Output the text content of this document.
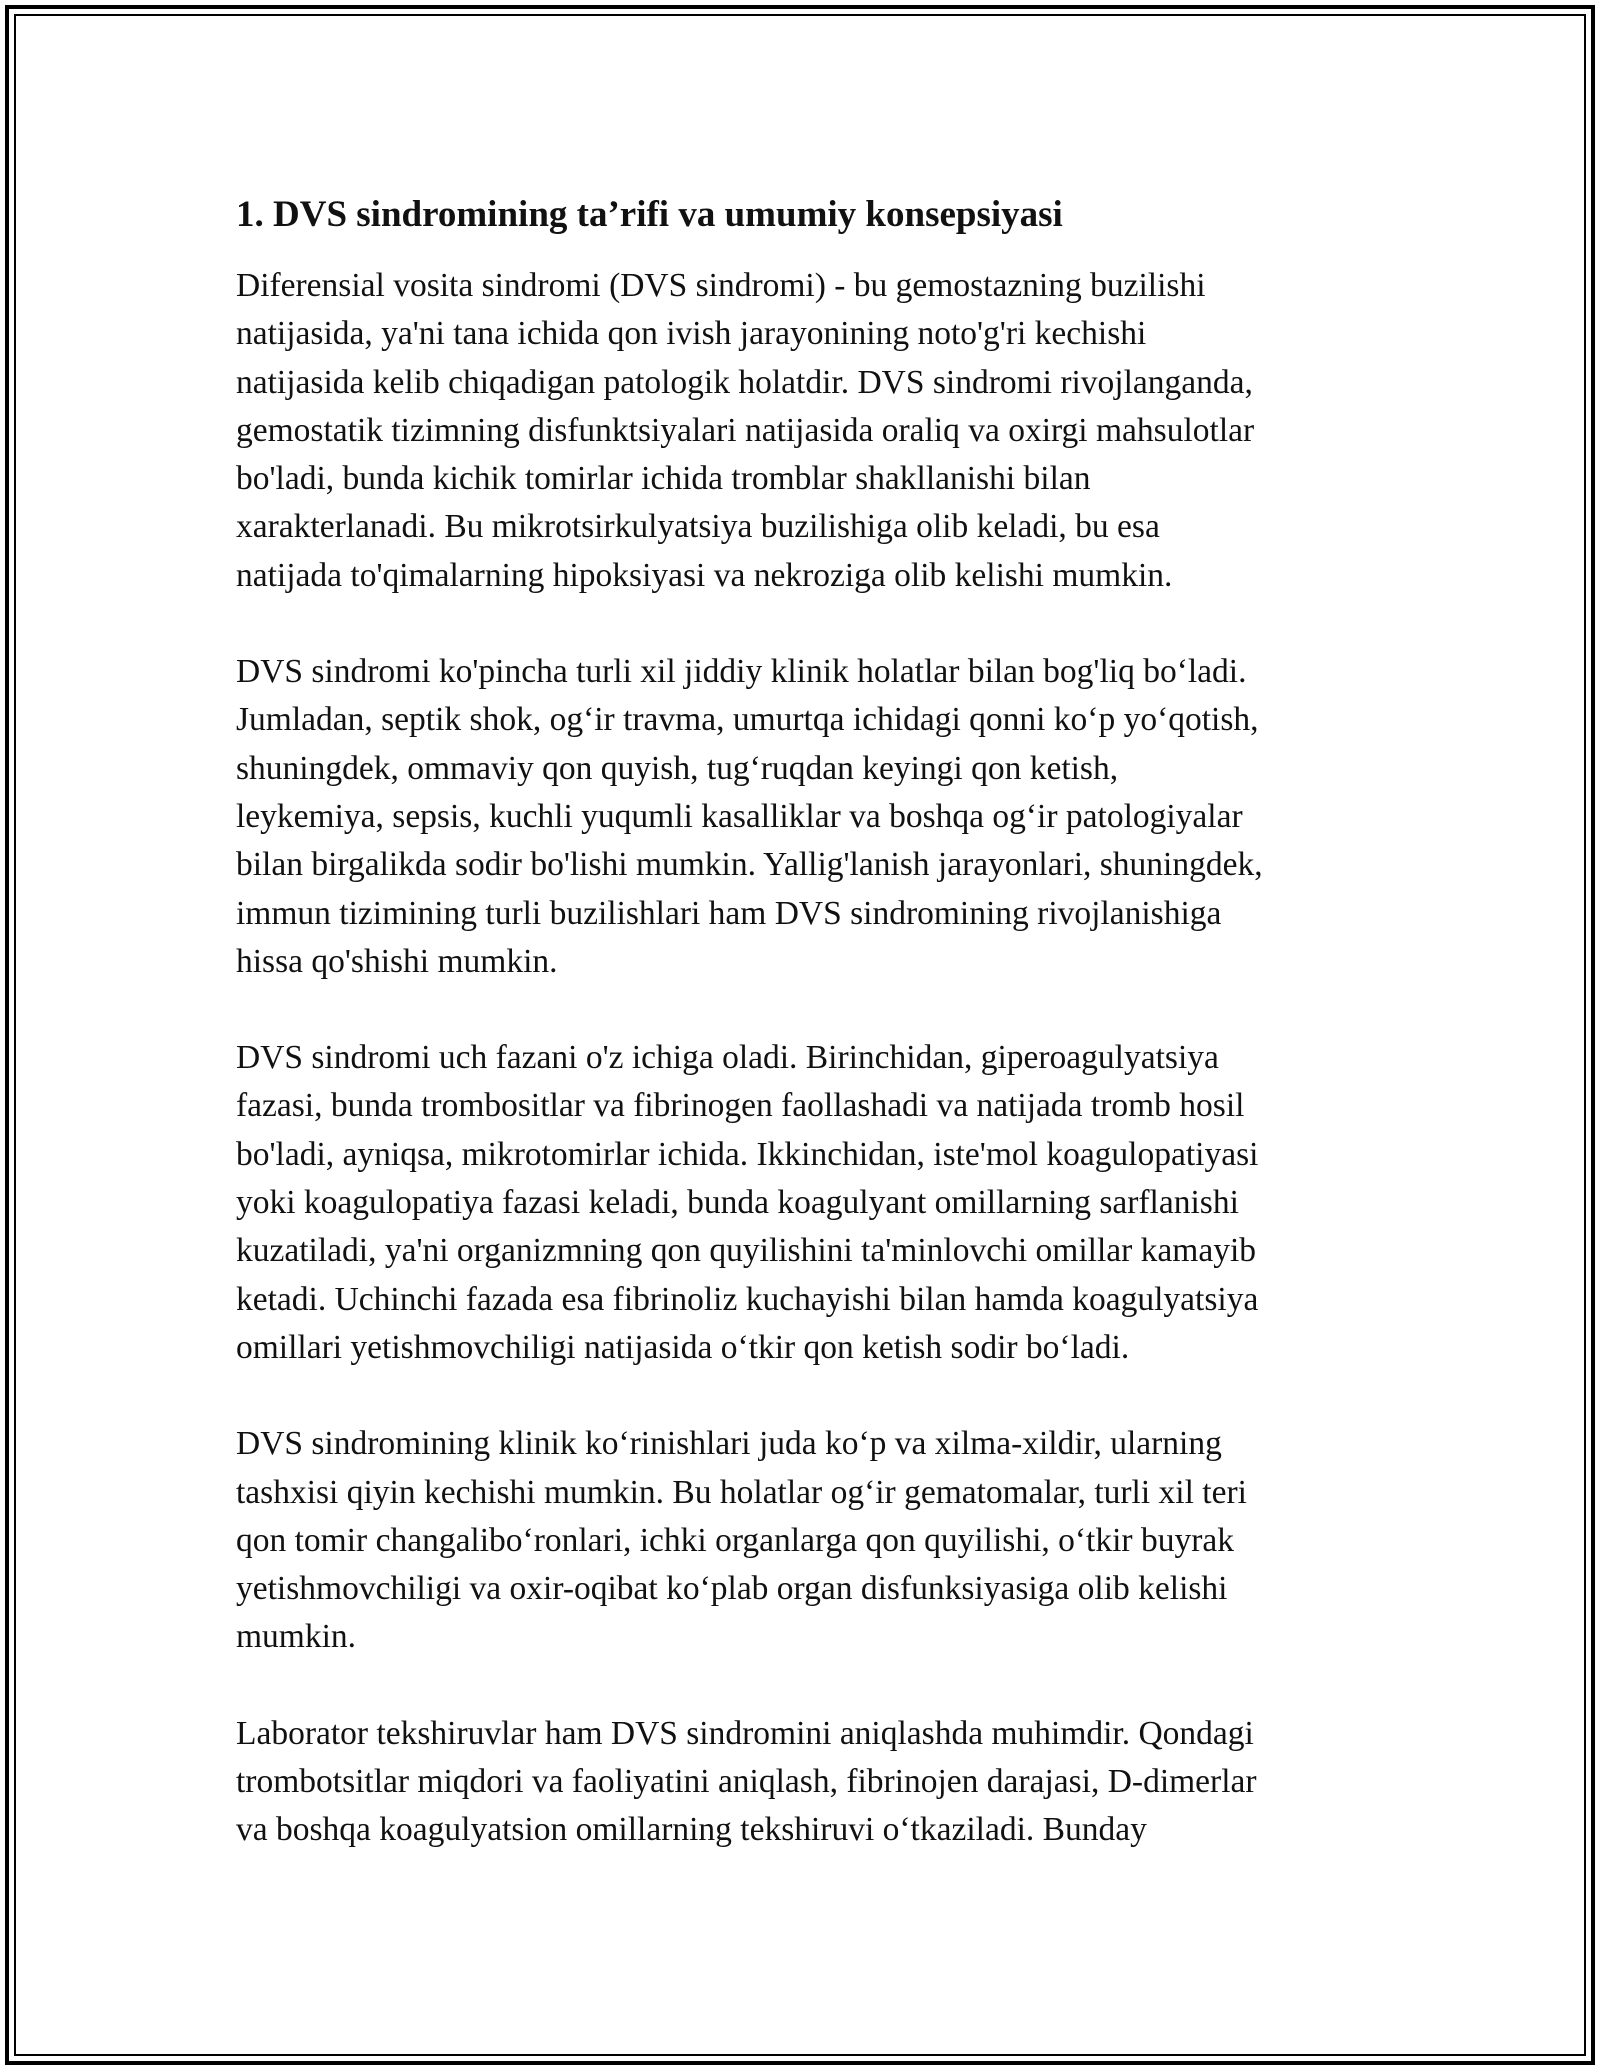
1. DVS sindromining ta’rifi va umumiy konsepsiyasi

Diferensial vosita sindromi (DVS sindromi) - bu gemostazning buzilishi
natijasida, ya'ni tana ichida qon ivish jarayonining noto'g'ri kechishi
natijasida kelib chiqadigan patologik holatdir. DVS sindromi rivojlanganda,
gemostatik tizimning disfunktsiyalari natijasida oraliq va oxirgi mahsulotlar
bo'ladi, bunda kichik tomirlar ichida tromblar shakllanishi bilan
xarakterlanadi. Bu mikrotsirkulyatsiya buzilishiga olib keladi, bu esa
natijada to'qimalarning hipoksiyasi va nekroziga olib kelishi mumkin.

DVS sindromi ko'pincha turli xil jiddiy klinik holatlar bilan bog'liq bo‘ladi.
Jumladan, septik shok, og‘ir travma, umurtqa ichidagi qonni ko‘p yo‘qotish,
shuningdek, ommaviy qon quyish, tug‘ruqdan keyingi qon ketish,
leykemiya, sepsis, kuchli yuqumli kasalliklar va boshqa og‘ir patologiyalar
bilan birgalikda sodir bo'lishi mumkin. Yallig'lanish jarayonlari, shuningdek,
immun tizimining turli buzilishlari ham DVS sindromining rivojlanishiga
hissa qo'shishi mumkin.

DVS sindromi uch fazani o'z ichiga oladi. Birinchidan, giperoagulyatsiya
fazasi, bunda trombositlar va fibrinogen faollashadi va natijada tromb hosil
bo'ladi, ayniqsa, mikrotomirlar ichida. Ikkinchidan, iste'mol koagulopatiyasi
yoki koagulopatiya fazasi keladi, bunda koagulyant omillarning sarflanishi
kuzatiladi, ya'ni organizmning qon quyilishini ta'minlovchi omillar kamayib
ketadi. Uchinchi fazada esa fibrinoliz kuchayishi bilan hamda koagulyatsiya
omillari yetishmovchiligi natijasida o‘tkir qon ketish sodir bo‘ladi.

DVS sindromining klinik ko‘rinishlari juda ko‘p va xilma-xildir, ularning
tashxisi qiyin kechishi mumkin. Bu holatlar og‘ir gematomalar, turli xil teri
qon tomir changalibo‘ronlari, ichki organlarga qon quyilishi, o‘tkir buyrak
yetishmovchiligi va oxir-oqibat ko‘plab organ disfunksiyasiga olib kelishi
mumkin.

Laborator tekshiruvlar ham DVS sindromini aniqlashda muhimdir. Qondagi
trombotsitlar miqdori va faoliyatini aniqlash, fibrinojen darajasi, D-dimerlar
va boshqa koagulyatsion omillarning tekshiruvi o‘tkaziladi. Bunday
